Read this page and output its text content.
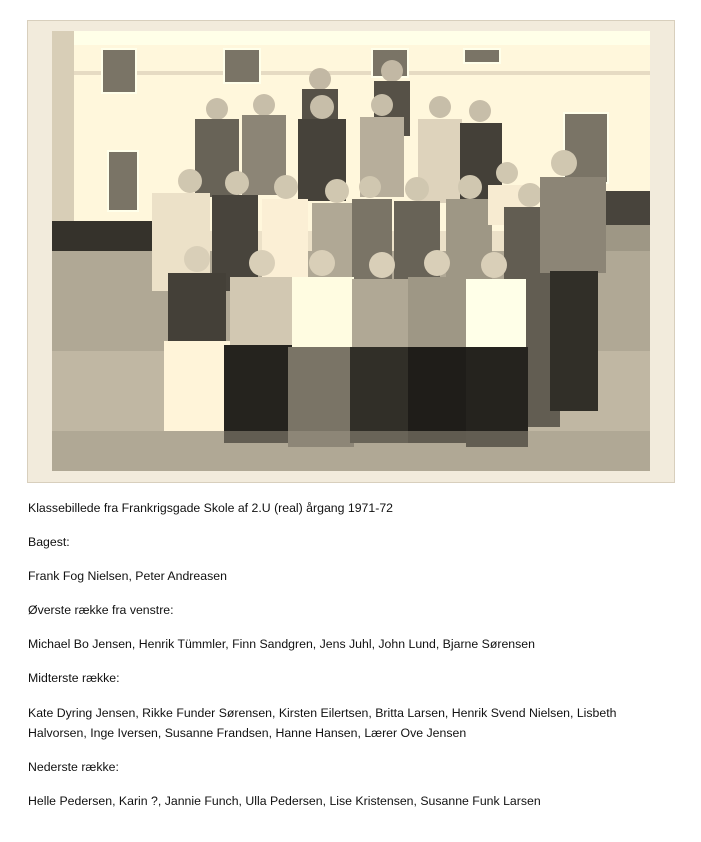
Klassebillede fra Frankrigsgade Skole af 2.U (real) årgang 1971-72

Bagest:

Frank Fog Nielsen, Peter Andreasen

Øverste række fra venstre:

Michael Bo Jensen, Henrik Tümmler, Finn Sandgren, Jens Juhl, John Lund, Bjarne Sørensen

Midterste række:

Kate Dyring Jensen, Rikke Funder Sørensen, Kirsten Eilertsen, Britta Larsen, Henrik Svend Nielsen, Lisbeth Halvorsen, Inge Iversen, Susanne Frandsen, Hanne Hansen, Lærer Ove Jensen

Nederste række:

Helle Pedersen, Karin ?, Jannie Funch, Ulla Pedersen, Lise Kristensen, Susanne Funk Larsen
